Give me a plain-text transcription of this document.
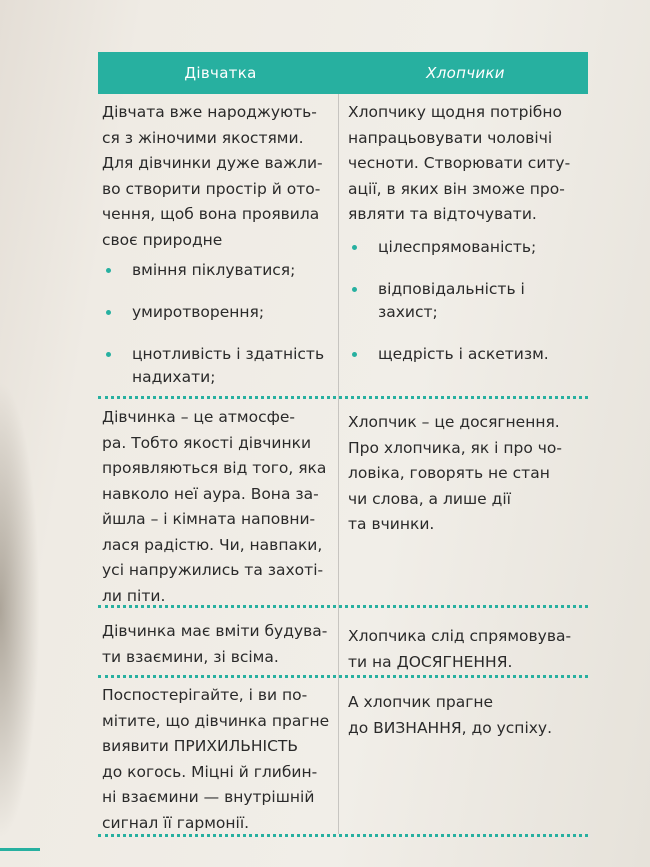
Дівчатка	Хлопчики
Дівчата вже народжують-
ся з жіночими якостями.
Для дівчинки дуже важли-
во створити простір й ото-
чення, щоб вона проявила
своє природне
вміння піклуватися;
умиротворення;
цнотливість і здатність
надихати;
Хлопчику щодня потрібно
напрацьовувати чоловічі
чесноти. Створювати ситу-
ації, в яких він зможе про-
являти та відточувати.
цілеспрямованість;
відповідальність і
захист;
щедрість і аскетизм.
Дівчинка – це атмосфе-
ра. Тобто якості дівчинки
проявляються від того, яка
навколо неї аура. Вона за-
йшла – і кімната наповни-
лася радістю. Чи, навпаки,
усі напружились та захоті-
ли піти.
Хлопчик – це досягнення.
Про хлопчика, як і про чо-
ловіка, говорять не стан
чи слова, а лише дії
та вчинки.
Дівчинка має вміти будува-
ти взаємини, зі всіма.
Хлопчика слід спрямовува-
ти на ДОСЯГНЕННЯ.
Поспостерігайте, і ви по-
мітите, що дівчинка прагне
виявити ПРИХИЛЬНІСТЬ
до когось. Міцні й глибин-
ні взаємини — внутрішній
сигнал її гармонії.
А хлопчик прагне
до ВИЗНАННЯ, до успіху.
